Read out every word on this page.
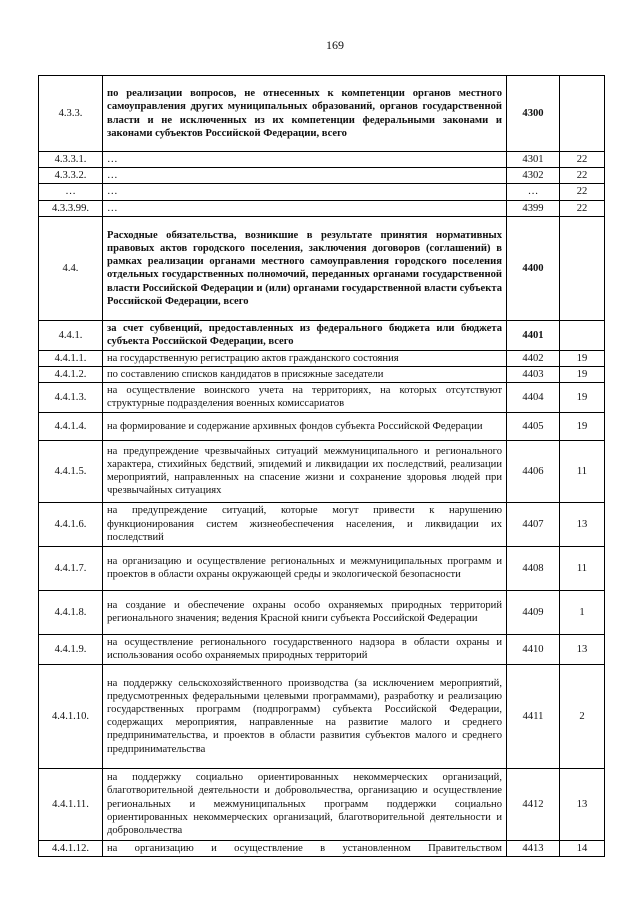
169
4.3.3.	по реализации вопросов, не отнесенных к компетенции органов местного самоуправления других муниципальных образований, органов государственной власти и не исключенных из их компетенции федеральными законами и законами субъектов Российской Федерации, всего	4300	
4.3.3.1.	…	4301	22
4.3.3.2.	…	4302	22
…	…	…	22
4.3.3.99.	…	4399	22
4.4.	Расходные обязательства, возникшие в результате принятия нормативных правовых актов городского поселения, заключения договоров (соглашений) в рамках реализации органами местного самоуправления городского поселения отдельных государственных полномочий, переданных органами государственной власти Российской Федерации и (или) органами государственной власти субъекта Российской Федерации, всего	4400	
4.4.1.	за счет субвенций, предоставленных из федерального бюджета или бюджета субъекта Российской Федерации, всего	4401	
4.4.1.1.	на государственную регистрацию актов гражданского состояния	4402	19
4.4.1.2.	по составлению списков кандидатов в присяжные заседатели	4403	19
4.4.1.3.	на осуществление воинского учета на территориях, на которых отсутствуют структурные подразделения военных комиссариатов	4404	19
4.4.1.4.	на формирование и содержание архивных фондов субъекта Российской Федерации	4405	19
4.4.1.5.	на предупреждение чрезвычайных ситуаций межмуниципального и регионального характера, стихийных бедствий, эпидемий и ликвидации их последствий, реализации мероприятий, направленных на спасение жизни и сохранение здоровья людей при чрезвычайных ситуациях	4406	11
4.4.1.6.	на предупреждение ситуаций, которые могут привести к нарушению функционирования систем жизнеобеспечения населения, и ликвидации их последствий	4407	13
4.4.1.7.	на организацию и осуществление региональных и межмуниципальных программ и проектов в области охраны окружающей среды и экологической безопасности	4408	11
4.4.1.8.	на создание и обеспечение охраны особо охраняемых природных территорий регионального значения; ведения Красной книги субъекта Российской Федерации	4409	1
4.4.1.9.	на осуществление регионального государственного надзора в области охраны и использования особо охраняемых природных территорий	4410	13
4.4.1.10.	на поддержку сельскохозяйственного производства (за исключением мероприятий, предусмотренных федеральными целевыми программами), разработку и реализацию государственных программ (подпрограмм) субъекта Российской Федерации, содержащих мероприятия, направленные на развитие малого и среднего предпринимательства, и проектов в области развития субъектов малого и среднего предпринимательства	4411	2
4.4.1.11.	на поддержку социально ориентированных некоммерческих организаций, благотворительной деятельности и добровольчества, организацию и осуществление региональных и межмуниципальных программ поддержки социально ориентированных некоммерческих организаций, благотворительной деятельности и добровольчества	4412	13
4.4.1.12.	на организацию и осуществление в установленном Правительством	4413	14
